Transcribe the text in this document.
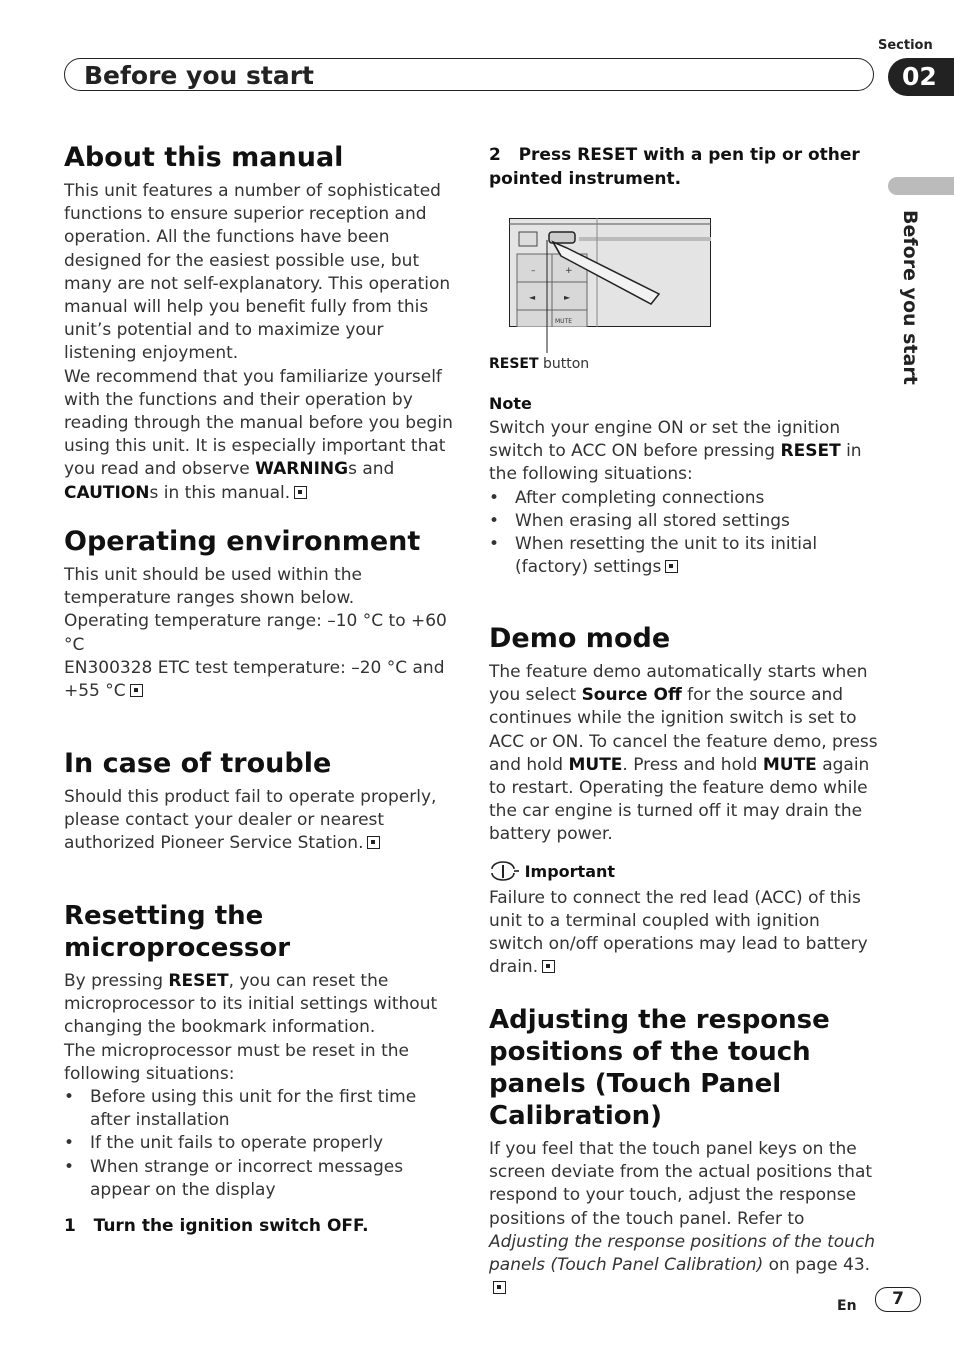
Section
Before you start	02
Before you start
About this manual

This unit features a number of sophisticated functions to ensure superior reception and operation. All the functions have been designed for the easiest possible use, but many are not self-explanatory. This operation manual will help you benefit fully from this unit’s potential and to maximize your listening enjoyment.

We recommend that you familiarize yourself with the functions and their operation by reading through the manual before you begin using this unit. It is especially important that you read and observe WARNINGs and CAUTIONs in this manual.

Operating environment

This unit should be used within the temperature ranges shown below.

Operating temperature range: –10 °C to +60 °C

EN300328 ETC test temperature: –20 °C and +55 °C

In case of trouble

Should this product fail to operate properly, please contact your dealer or nearest authorized Pioneer Service Station.

Resetting the microprocessor

By pressing RESET, you can reset the microprocessor to its initial settings without changing the bookmark information.

The microprocessor must be reset in the following situations:

• Before using this unit for the first time after installation
• If the unit fails to operate properly
• When strange or incorrect messages appear on the display
1   Turn the ignition switch OFF.
2   Press RESET with a pen tip or other pointed instrument.
–	+
◄	►
MUTE
RESET button
Note

Switch your engine ON or set the ignition switch to ACC ON before pressing RESET in the following situations:

• After completing connections
• When erasing all stored settings
• When resetting the unit to its initial (factory) settings
Demo mode

The feature demo automatically starts when you select Source Off for the source and continues while the ignition switch is set to ACC or ON. To cancel the feature demo, press and hold MUTE. Press and hold MUTE again to restart. Operating the feature demo while the car engine is turned off it may drain the battery power.

Important

Failure to connect the red lead (ACC) of this unit to a terminal coupled with ignition switch on/off operations may lead to battery drain.

Adjusting the response positions of the touch panels (Touch Panel Calibration)

If you feel that the touch panel keys on the screen deviate from the actual positions that respond to your touch, adjust the response positions of the touch panel. Refer to Adjusting the response positions of the touch panels (Touch Panel Calibration) on page 43.

En	7
